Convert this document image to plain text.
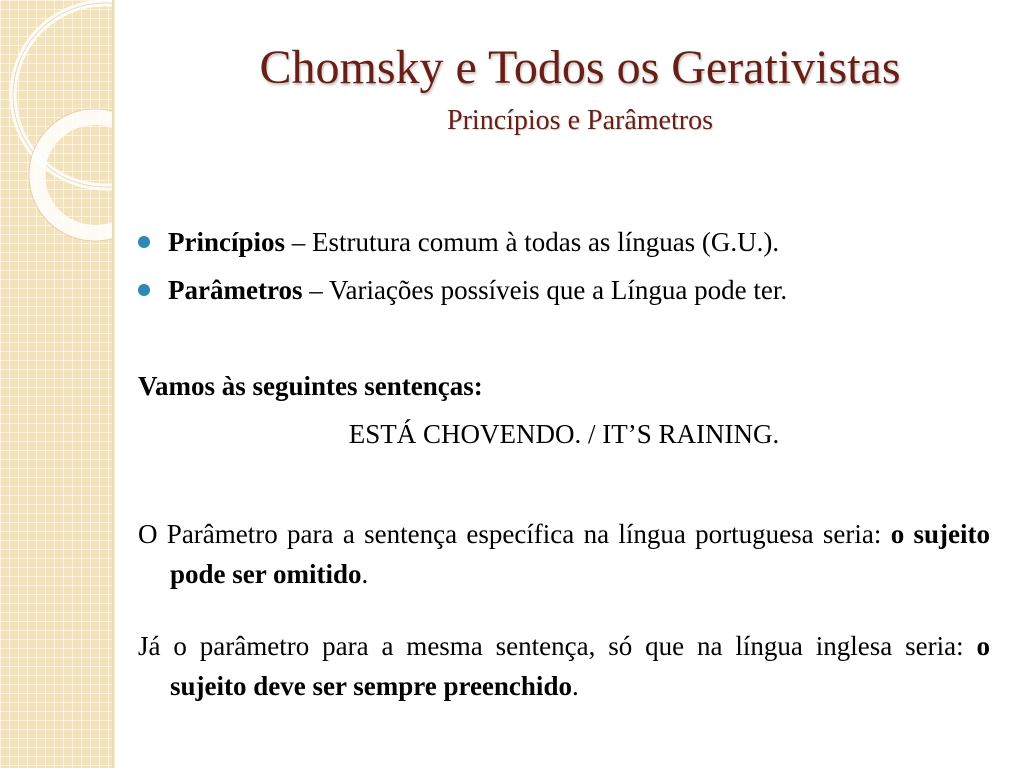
Chomsky e Todos os Gerativistas
Princípios e Parâmetros
Princípios – Estrutura comum à todas as línguas (G.U.).
Parâmetros – Variações possíveis que a Língua pode ter.
Vamos às seguintes sentenças:
ESTÁ CHOVENDO. / IT’S RAINING.
O Parâmetro para a sentença específica na língua portuguesa seria: o sujeito pode ser omitido.
Já o parâmetro para a mesma sentença, só que na língua inglesa seria: o sujeito deve ser sempre preenchido.
